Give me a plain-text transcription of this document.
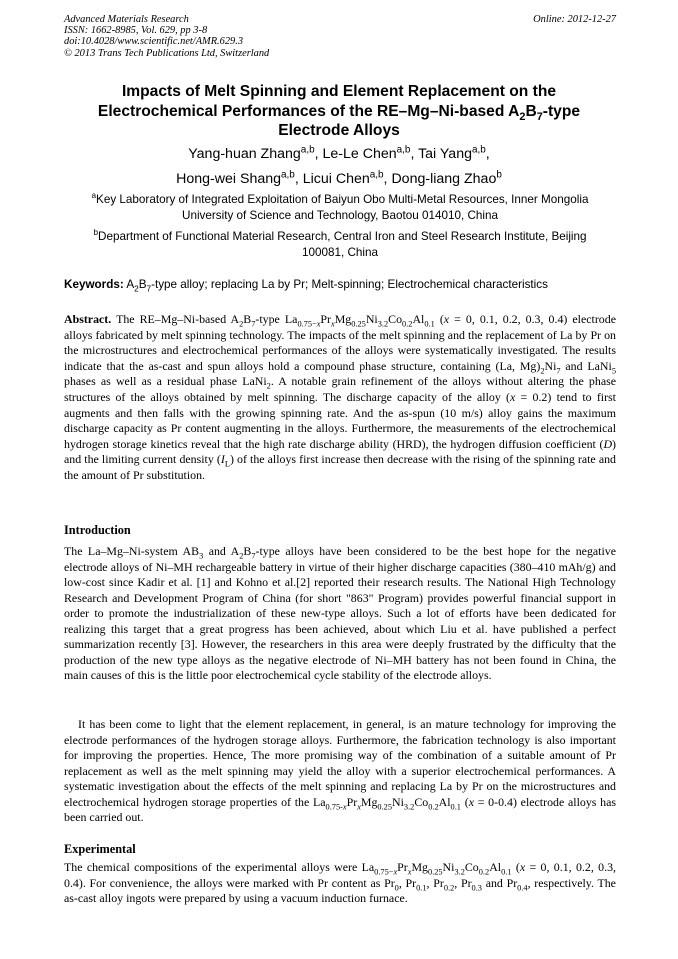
Advanced Materials Research
ISSN: 1662-8985, Vol. 629, pp 3-8
doi:10.4028/www.scientific.net/AMR.629.3
© 2013 Trans Tech Publications Ltd, Switzerland
Online: 2012-12-27
Impacts of Melt Spinning and Element Replacement on the
Electrochemical Performances of the RE–Mg–Ni-based $A_2B_7$-type
Electrode Alloys
Yang-huan Zhang$^{a,b}$, Le-Le Chen$^{a,b}$, Tai Yang$^{a,b}$,
Hong-wei Shang$^{a,b}$, Licui Chen$^{a,b}$, Dong-liang Zhao$^b$
$^a$Key Laboratory of Integrated Exploitation of Baiyun Obo Multi-Metal Resources, Inner Mongolia
University of Science and Technology, Baotou 014010, China
$^b$Department of Functional Material Research, Central Iron and Steel Research Institute, Beijing
100081, China
Keywords: $A_2B_7$-type alloy; replacing La by Pr; Melt-spinning; Electrochemical characteristics
Abstract. The RE–Mg–Ni-based $A_2B_7$-type $La_{0.75-x}Pr_xMg_{0.25}Ni_{3.2}Co_{0.2}Al_{0.1}$ (x = 0, 0.1, 0.2, 0.3, 0.4) electrode alloys fabricated by melt spinning technology. The impacts of the melt spinning and the replacement of La by Pr on the microstructures and electrochemical performances of the alloys were systematically investigated. The results indicate that the as-cast and spun alloys hold a compound phase structure, containing (La, $Mg)_2Ni_7$ and LaNi$_5$ phases as well as a residual phase LaNi$_2$. A notable grain refinement of the alloys without altering the phase structures of the alloys obtained by melt spinning. The discharge capacity of the alloy (x = 0.2) tend to first augments and then falls with the growing spinning rate. And the as-spun (10 m/s) alloy gains the maximum discharge capacity as Pr content augmenting in the alloys. Furthermore, the measurements of the electrochemical hydrogen storage kinetics reveal that the high rate discharge ability (HRD), the hydrogen diffusion coefficient (D) and the limiting current density $(I_L)$ of the alloys first increase then decrease with the rising of the spinning rate and the amount of Pr substitution.
Introduction
The La–Mg–Ni-system $AB_3$ and $A_2B_7$-type alloys have been considered to be the best hope for the negative electrode alloys of Ni–MH rechargeable battery in virtue of their higher discharge capacities (380–410 mAh/g) and low-cost since Kadir et al. [1] and Kohno et al.[2] reported their research results. The National High Technology Research and Development Program of China (for short "863" Program) provides powerful financial support in order to promote the industrialization of these new-type alloys. Such a lot of efforts have been dedicated for realizing this target that a great progress has been achieved, about which Liu et al. have published a perfect summarization recently [3]. However, the researchers in this area were deeply frustrated by the difficulty that the production of the new type alloys as the negative electrode of Ni–MH battery has not been found in China, the main causes of this is the little poor electrochemical cycle stability of the electrode alloys.
It has been come to light that the element replacement, in general, is an mature technology for improving the electrode performances of the hydrogen storage alloys. Furthermore, the fabrication technology is also important for improving the properties. Hence, The more promising way of the combination of a suitable amount of Pr replacement as well as the melt spinning may yield the alloy with a superior electrochemical performances. A systematic investigation about the effects of the melt spinning and replacing La by Pr on the microstructures and electrochemical hydrogen storage properties of the $La_{0.75-x}Pr_xMg_{0.25}Ni_{3.2}Co_{0.2}Al_{0.1}$ (x = 0-0.4) electrode alloys has been carried out.
Experimental
The chemical compositions of the experimental alloys were $La_{0.75-x}Pr_xMg_{0.25}Ni_{3.2}Co_{0.2}Al_{0.1}$ (x = 0, 0.1, 0.2, 0.3, 0.4). For convenience, the alloys were marked with Pr content as $Pr_0$, $Pr_{0.1}$, $Pr_{0.2}$, $Pr_{0.3}$ and $Pr_{0.4}$, respectively. The as-cast alloy ingots were prepared by using a vacuum induction furnace.
